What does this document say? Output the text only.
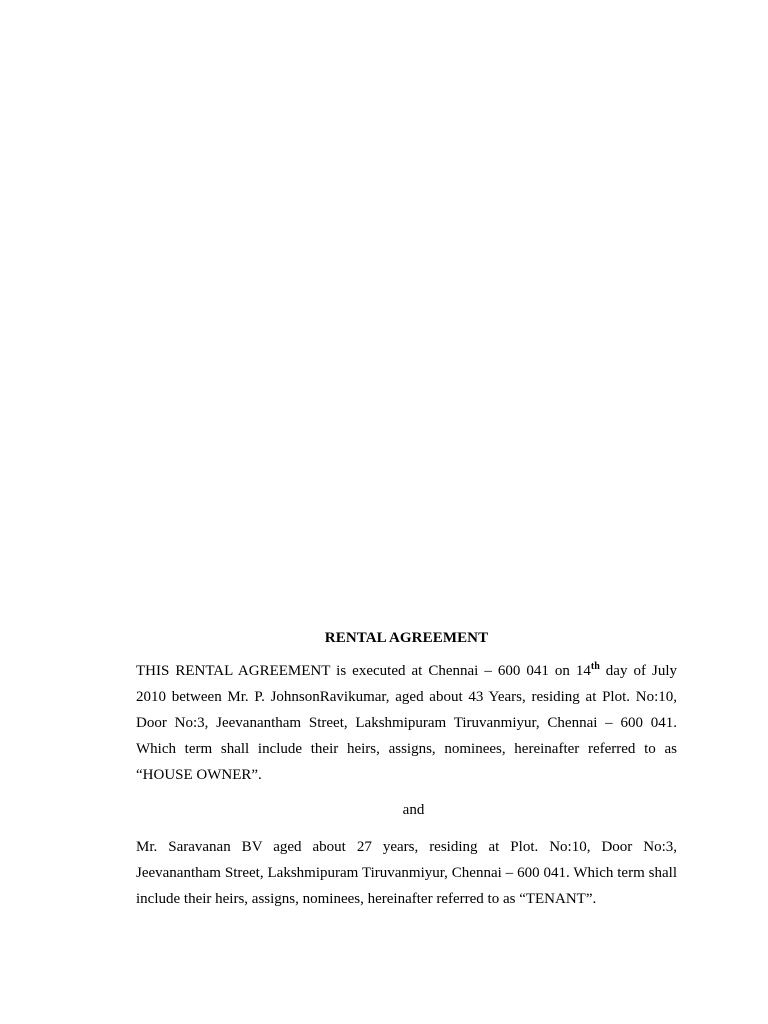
RENTAL AGREEMENT

THIS RENTAL AGREEMENT is executed at Chennai – 600 041 on 14th day of July 2010 between Mr. P. JohnsonRavikumar, aged about 43 Years, residing at Plot. No:10, Door No:3, Jeevanantham Street, Lakshmipuram Tiruvanmiyur, Chennai – 600 041. Which term shall include their heirs, assigns, nominees, hereinafter referred to as “HOUSE OWNER”.

and

Mr. Saravanan BV aged about 27 years, residing at Plot. No:10, Door No:3, Jeevanantham Street, Lakshmipuram Tiruvanmiyur, Chennai – 600 041. Which term shall include their heirs, assigns, nominees, hereinafter referred to as “TENANT”.
